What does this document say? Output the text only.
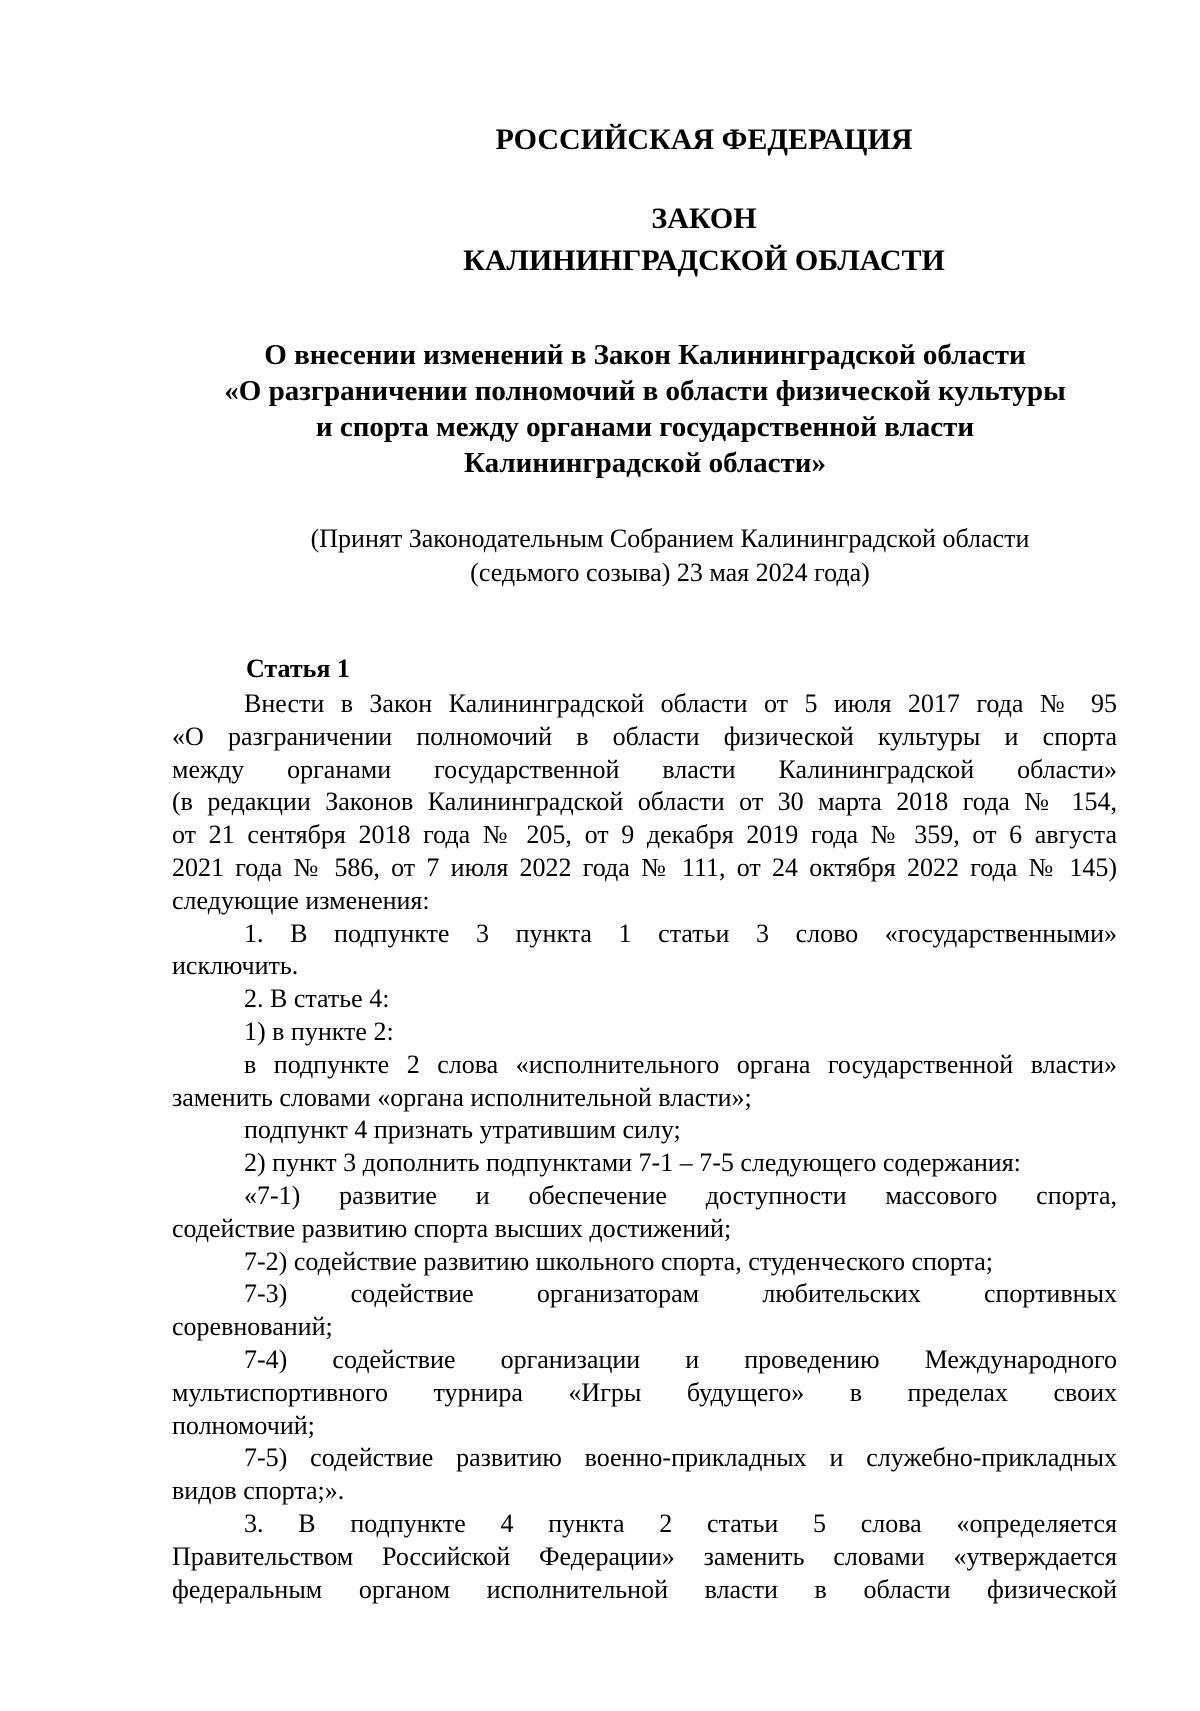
РОССИЙСКАЯ ФЕДЕРАЦИЯ
ЗАКОН
КАЛИНИНГРАДСКОЙ ОБЛАСТИ
О внесении изменений в Закон Калининградской области
«О разграничении полномочий в области физической культуры
и спорта между органами государственной власти
Калининградской области»
(Принят Законодательным Собранием Калининградской области
(седьмого созыва) 23 мая 2024 года)
Статья 1
Внести в Закон Калининградской области от 5 июля 2017 года № 95
«О разграничении полномочий в области физической культуры и спорта
между органами государственной власти Калининградской области»
(в редакции Законов Калининградской области от 30 марта 2018 года № 154,
от 21 сентября 2018 года № 205, от 9 декабря 2019 года № 359, от 6 августа
2021 года № 586, от 7 июля 2022 года № 111, от 24 октября 2022 года № 145)
следующие изменения:
1. В подпункте 3 пункта 1 статьи 3 слово «государственными»
исключить.
2. В статье 4:
1) в пункте 2:
в подпункте 2 слова «исполнительного органа государственной власти»
заменить словами «органа исполнительной власти»;
подпункт 4 признать утратившим силу;
2) пункт 3 дополнить подпунктами 7-1 – 7-5 следующего содержания:
«7-1) развитие и обеспечение доступности массового спорта,
содействие развитию спорта высших достижений;
7-2) содействие развитию школьного спорта, студенческого спорта;
7-3) содействие организаторам любительских спортивных
соревнований;
7-4) содействие организации и проведению Международного
мультиспортивного турнира «Игры будущего» в пределах своих
полномочий;
7-5) содействие развитию военно-прикладных и служебно-прикладных
видов спорта;».
3. В подпункте 4 пункта 2 статьи 5 слова «определяется
Правительством Российской Федерации» заменить словами «утверждается
федеральным органом исполнительной власти в области физической
